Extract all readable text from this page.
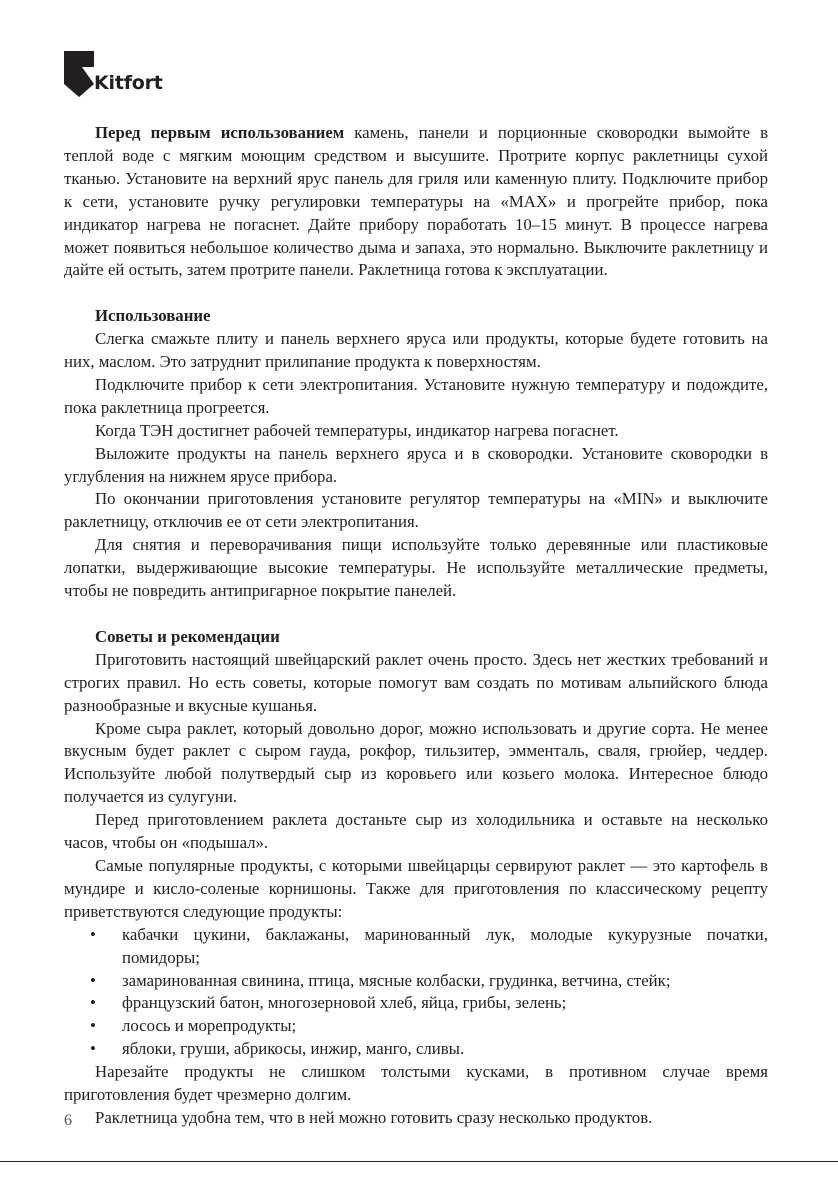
Kitfort

Перед первым использованием камень, панели и порционные сковородки вымойте в теплой воде с мягким моющим средством и высушите. Протрите корпус раклетницы сухой тканью. Установите на верхний ярус панель для гриля или каменную плиту. Подключите прибор к сети, установите ручку регулировки температуры на «MAX» и прогрейте прибор, пока индикатор нагрева не погаснет. Дайте прибору поработать 10–15 минут. В процессе нагрева может появиться небольшое количество дыма и запаха, это нормально. Выключите раклетницу и дайте ей остыть, затем протрите панели. Раклетница готова к эксплуатации.

Использование

Слегка смажьте плиту и панель верхнего яруса или продукты, которые будете готовить на них, маслом. Это затруднит прилипание продукта к поверхностям.

Подключите прибор к сети электропитания. Установите нужную температуру и подождите, пока раклетница прогреется.

Когда ТЭН достигнет рабочей температуры, индикатор нагрева погаснет.

Выложите продукты на панель верхнего яруса и в сковородки. Установите сковородки в углубления на нижнем ярусе прибора.

По окончании приготовления установите регулятор температуры на «MIN» и выключите раклетницу, отключив ее от сети электропитания.

Для снятия и переворачивания пищи используйте только деревянные или пластиковые лопатки, выдерживающие высокие температуры. Не используйте металлические предметы, чтобы не повредить антипригарное покрытие панелей.

Советы и рекомендации

Приготовить настоящий швейцарский раклет очень просто. Здесь нет жестких требований и строгих правил. Но есть советы, которые помогут вам создать по мотивам альпийского блюда разнообразные и вкусные кушанья.

Кроме сыра раклет, который довольно дорог, можно использовать и другие сорта. Не менее вкусным будет раклет с сыром гауда, рокфор, тильзитер, эмменталь, сваля, грюйер, чеддер. Используйте любой полутвердый сыр из коровьего или козьего молока. Интересное блюдо получается из сулугуни.

Перед приготовлением раклета достаньте сыр из холодильника и оставьте на несколько часов, чтобы он «подышал».

Самые популярные продукты, с которыми швейцарцы сервируют раклет — это картофель в мундире и кисло-соленые корнишоны. Также для приготовления по классическому рецепту приветствуются следующие продукты:

• кабачки цукини, баклажаны, маринованный лук, молодые кукурузные початки, помидоры;
• замаринованная свинина, птица, мясные колбаски, грудинка, ветчина, стейк;
• французский батон, многозерновой хлеб, яйца, грибы, зелень;
• лосось и морепродукты;
• яблоки, груши, абрикосы, инжир, манго, сливы.

Нарезайте продукты не слишком толстыми кусками, в противном случае время приготовления будет чрезмерно долгим.

Раклетница удобна тем, что в ней можно готовить сразу несколько продуктов.

6
